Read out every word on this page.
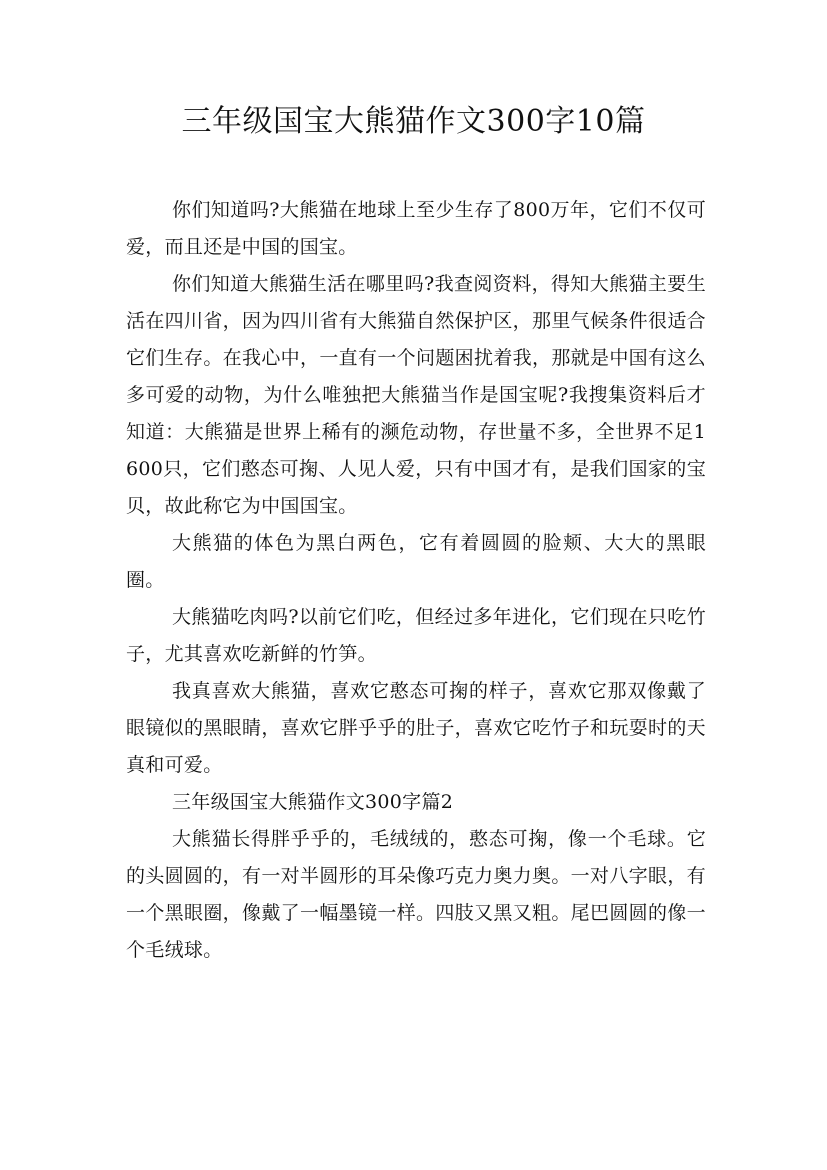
三年级国宝大熊猫作文300字10篇

你们知道吗?大熊猫在地球上至少生存了800万年，它们不仅可爱，而且还是中国的国宝。

你们知道大熊猫生活在哪里吗?我查阅资料，得知大熊猫主要生活在四川省，因为四川省有大熊猫自然保护区，那里气候条件很适合它们生存。在我心中，一直有一个问题困扰着我，那就是中国有这么多可爱的动物，为什么唯独把大熊猫当作是国宝呢?我搜集资料后才知道：大熊猫是世界上稀有的濒危动物，存世量不多，全世界不足1600只，它们憨态可掬、人见人爱，只有中国才有，是我们国家的宝贝，故此称它为中国国宝。

大熊猫的体色为黑白两色，它有着圆圆的脸颊、大大的黑眼圈。

大熊猫吃肉吗?以前它们吃，但经过多年进化，它们现在只吃竹子，尤其喜欢吃新鲜的竹笋。

我真喜欢大熊猫，喜欢它憨态可掬的样子，喜欢它那双像戴了眼镜似的黑眼睛，喜欢它胖乎乎的肚子，喜欢它吃竹子和玩耍时的天真和可爱。

三年级国宝大熊猫作文300字篇2

大熊猫长得胖乎乎的，毛绒绒的，憨态可掬，像一个毛球。它的头圆圆的，有一对半圆形的耳朵像巧克力奥力奥。一对八字眼，有一个黑眼圈，像戴了一幅墨镜一样。四肢又黑又粗。尾巴圆圆的像一个毛绒球。
